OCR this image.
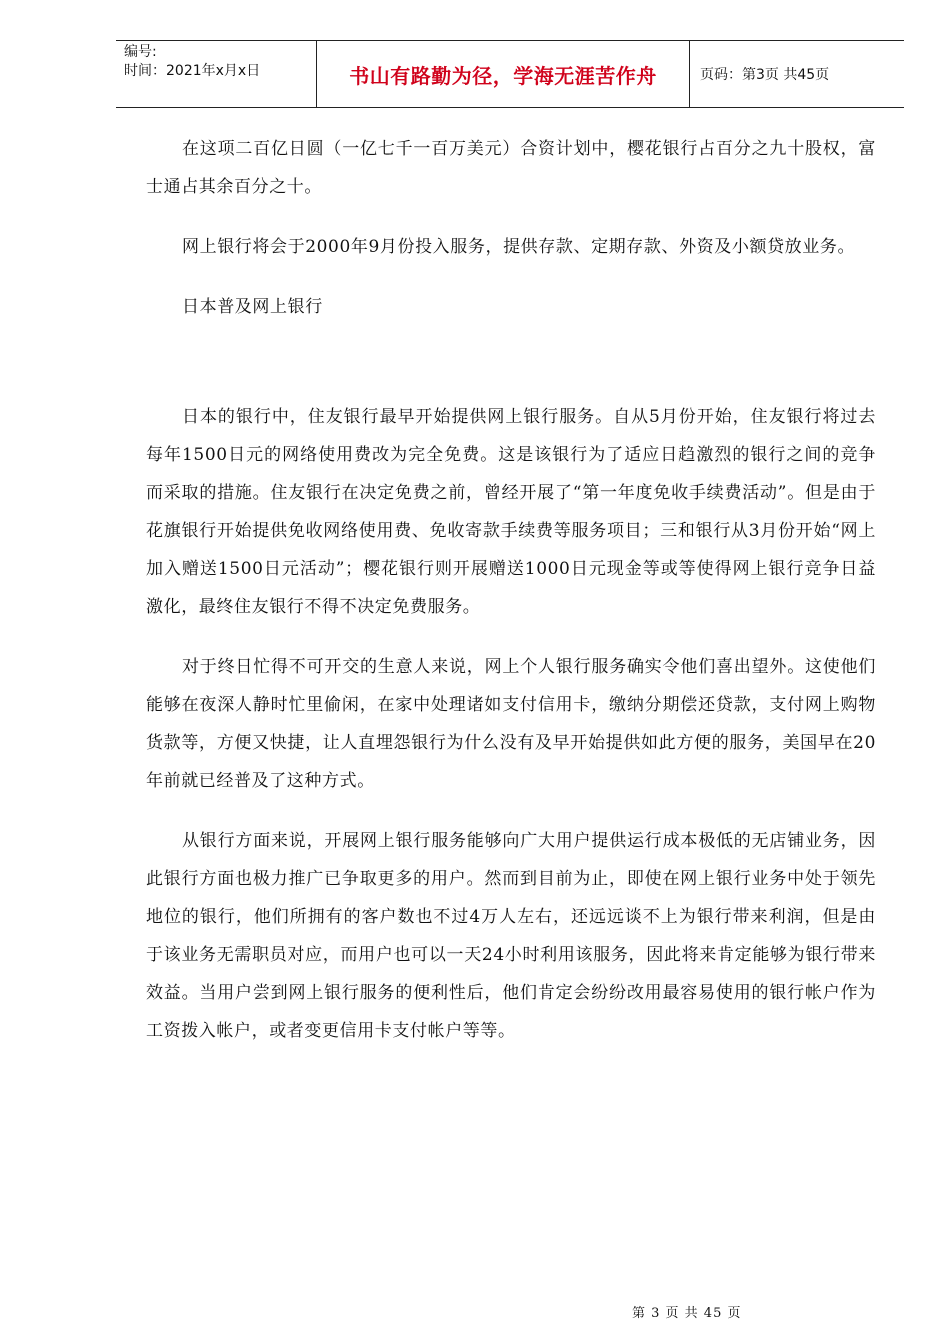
编号:
时间：2021年x月x日	书山有路勤为径，学海无涯苦作舟	页码：第3页 共45页

在这项二百亿日圆（一亿七千一百万美元）合资计划中，樱花银行占百分之九十股权，富士通占其余百分之十。

网上银行将会于2000年9月份投入服务，提供存款、定期存款、外资及小额贷放业务。

日本普及网上银行

日本的银行中，住友银行最早开始提供网上银行服务。自从5月份开始，住友银行将过去每年1500日元的网络使用费改为完全免费。这是该银行为了适应日趋激烈的银行之间的竞争而采取的措施。住友银行在决定免费之前，曾经开展了“第一年度免收手续费活动”。但是由于花旗银行开始提供免收网络使用费、免收寄款手续费等服务项目；三和银行从3月份开始“网上加入赠送1500日元活动”；樱花银行则开展赠送1000日元现金等或等使得网上银行竞争日益激化，最终住友银行不得不决定免费服务。

对于终日忙得不可开交的生意人来说，网上个人银行服务确实令他们喜出望外。这使他们能够在夜深人静时忙里偷闲，在家中处理诸如支付信用卡，缴纳分期偿还贷款，支付网上购物货款等，方便又快捷，让人直埋怨银行为什么没有及早开始提供如此方便的服务，美国早在20年前就已经普及了这种方式。

从银行方面来说，开展网上银行服务能够向广大用户提供运行成本极低的无店铺业务，因此银行方面也极力推广已争取更多的用户。然而到目前为止，即使在网上银行业务中处于领先地位的银行，他们所拥有的客户数也不过4万人左右，还远远谈不上为银行带来利润，但是由于该业务无需职员对应，而用户也可以一天24小时利用该服务，因此将来肯定能够为银行带来效益。当用户尝到网上银行服务的便利性后，他们肯定会纷纷改用最容易使用的银行帐户作为工资拨入帐户，或者变更信用卡支付帐户等等。

第 3 页 共 45 页
